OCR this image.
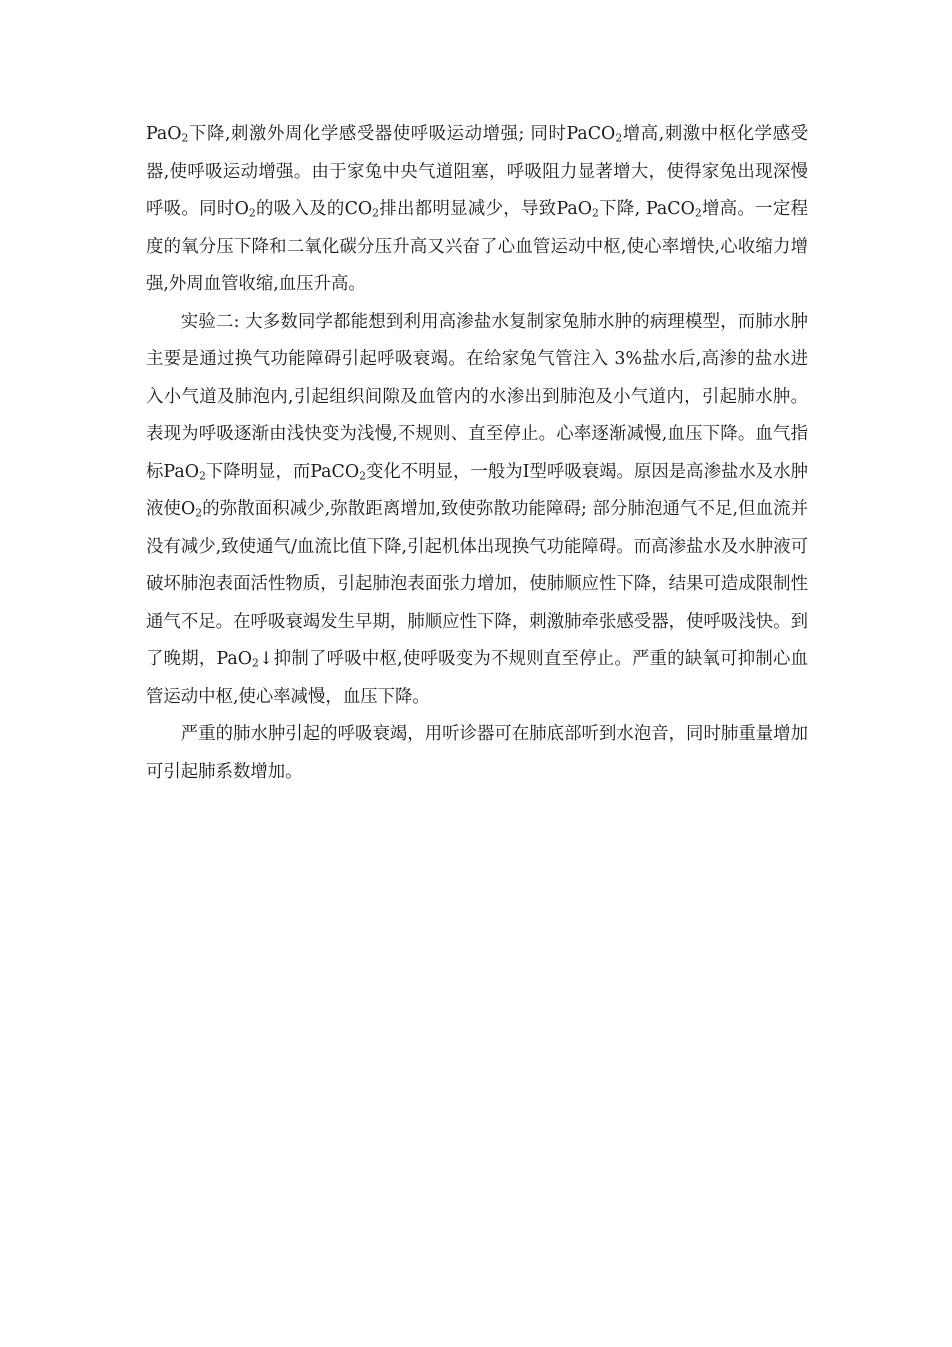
PaO$_2$下降,刺激外周化学感受器使呼吸运动增强; 同时PaCO$_2$增高,刺激中枢化学感受器,使呼吸运动增强。由于家兔中央气道阻塞，呼吸阻力显著增大，使得家兔出现深慢呼吸。同时$O_2$的吸入及的$CO_2$排出都明显减少，导致PaO$_2$下降, PaCO$_2$增高。一定程度的氧分压下降和二氧化碳分压升高又兴奋了心血管运动中枢,使心率增快,心收缩力增强,外周血管收缩,血压升高。

实验二: 大多数同学都能想到利用高渗盐水复制家兔肺水肿的病理模型，而肺水肿主要是通过换气功能障碍引起呼吸衰竭。在给家兔气管注入 3%盐水后,高渗的盐水进入小气道及肺泡内,引起组织间隙及血管内的水渗出到肺泡及小气道内，引起肺水肿。表现为呼吸逐渐由浅快变为浅慢,不规则、直至停止。心率逐渐减慢,血压下降。血气指标PaO$_2$下降明显，而PaCO$_2$变化不明显，一般为I型呼吸衰竭。原因是高渗盐水及水肿液使$O_2$的弥散面积减少,弥散距离增加,致使弥散功能障碍; 部分肺泡通气不足,但血流并没有减少,致使通气/血流比值下降,引起机体出现换气功能障碍。而高渗盐水及水肿液可破坏肺泡表面活性物质，引起肺泡表面张力增加，使肺顺应性下降，结果可造成限制性通气不足。在呼吸衰竭发生早期，肺顺应性下降，刺激肺牵张感受器，使呼吸浅快。到了晚期，PaO$_2$↓抑制了呼吸中枢,使呼吸变为不规则直至停止。严重的缺氧可抑制心血管运动中枢,使心率减慢，血压下降。

严重的肺水肿引起的呼吸衰竭，用听诊器可在肺底部听到水泡音，同时肺重量增加可引起肺系数增加。
